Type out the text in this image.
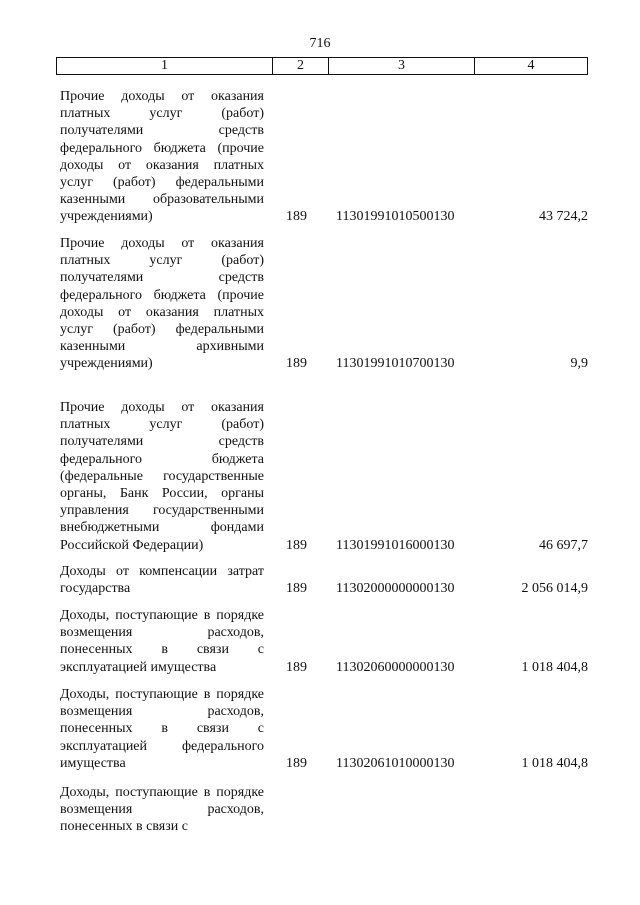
716
1	2	3	4
Прочие доходы от оказания платных услуг (работ) получателями средств федерального бюджета (прочие доходы от оказания платных услуг (работ) федеральными казенными образовательными учреждениями)	189	11301991010500130	43 724,2
Прочие доходы от оказания платных услуг (работ) получателями средств федерального бюджета (прочие доходы от оказания платных услуг (работ) федеральными казенными архивными учреждениями)	189	11301991010700130	9,9
Прочие доходы от оказания платных услуг (работ) получателями средств федерального бюджета (федеральные государственные органы, Банк России, органы управления государственными внебюджетными фондами Российской Федерации)	189	11301991016000130	46 697,7
Доходы от компенсации затрат государства	189	11302000000000130	2 056 014,9
Доходы, поступающие в порядке возмещения расходов, понесенных в связи с эксплуатацией имущества	189	11302060000000130	1 018 404,8
Доходы, поступающие в порядке возмещения расходов, понесенных в связи с эксплуатацией федерального имущества	189	11302061010000130	1 018 404,8
Доходы, поступающие в порядке возмещения расходов, понесенных в связи с
